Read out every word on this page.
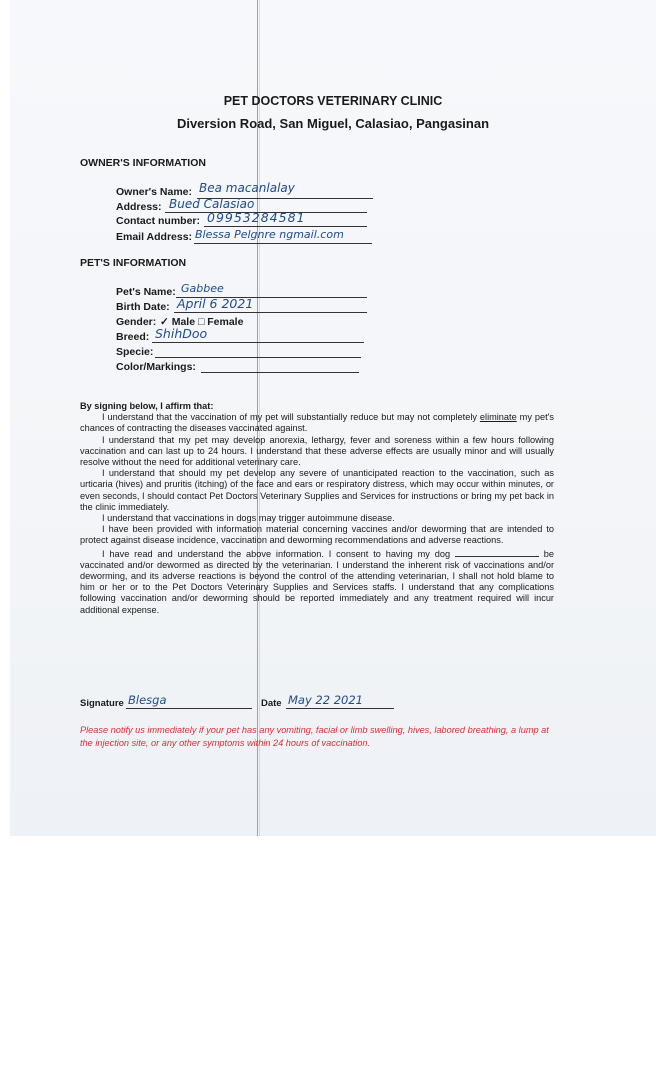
PET DOCTORS VETERINARY CLINIC
Diversion Road, San Miguel, Calasiao, Pangasinan
OWNER'S INFORMATION
Owner's Name: Bea macanlalay
Address: Bued Calasiao
Contact number: 09953284581
Email Address: Blessa Pelgnre ngmail.com
PET'S INFORMATION
Pet's Name: Gabbee
Birth Date: April 6 2021
Gender: ✓ Male □ Female
Breed: ShihDoo
Specie:
Color/Markings:

By signing below, I affirm that:

I understand that the vaccination of my pet will substantially reduce but may not completely eliminate my pet's chances of contracting the diseases vaccinated against.

I understand that my pet may develop anorexia, lethargy, fever and soreness within a few hours following vaccination and can last up to 24 hours. I understand that these adverse effects are usually minor and will usually resolve without the need for additional veterinary care.

I understand that should my pet develop any severe of unanticipated reaction to the vaccination, such as urticaria (hives) and pruritis (itching) of the face and ears or respiratory distress, which may occur within minutes, or even seconds, I should contact Pet Doctors Veterinary Supplies and Services for instructions or bring my pet back in the clinic immediately.

I understand that vaccinations in dogs may trigger autoimmune disease.

I have been provided with information material concerning vaccines and/or deworming that are intended to protect against disease incidence, vaccination and deworming recommendations and adverse reactions.

I have read and understand the above information. I consent to having my dog	be vaccinated and/or dewormed as directed by the veterinarian. I understand the inherent risk of vaccinations and/or deworming, and its adverse reactions is beyond the control of the attending veterinarian, I shall not hold blame to him or her or to the Pet Doctors Veterinary Supplies and Services staffs. I understand that any complications following vaccination and/or deworming should be reported immediately and any treatment required will incur additional expense.

Signature Blesga	Date May 22 2021
Please notify us immediately if your pet has any vomiting, facial or limb swelling, hives, labored breathing, a lump at the injection site, or any other symptoms within 24 hours of vaccination.
